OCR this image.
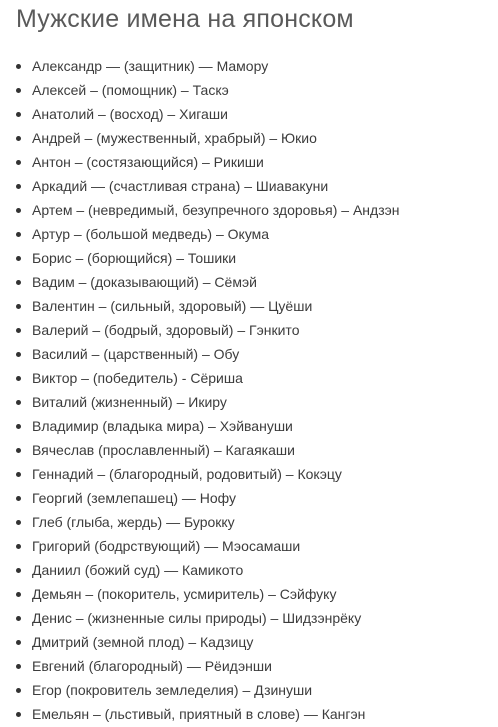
Мужские имена на японском
Александр — (защитник) — Мамору
Алексей – (помощник) – Таскэ
Анатолий – (восход) – Хигаши
Андрей – (мужественный, храбрый) – Юкио
Антон – (состязающийся) – Рикиши
Аркадий — (счастливая страна) – Шиавакуни
Артем – (невредимый, безупречного здоровья) – Андзэн
Артур – (большой медведь) – Окума
Борис – (борющийся) – Тошики
Вадим – (доказывающий) – Сёмэй
Валентин – (сильный, здоровый) — Цуёши
Валерий – (бодрый, здоровый) – Гэнкито
Василий – (царственный) – Обу
Виктор – (победитель) - Сёриша
Виталий (жизненный) – Икиру
Владимир (владыка мира) – Хэйвануши
Вячеслав (прославленный) – Кагаякаши
Геннадий – (благородный, родовитый) – Кокэцу
Георгий (землепашец) — Нофу
Глеб (глыба, жердь) — Бурокку
Григорий (бодрствующий) — Мэосамаши
Даниил (божий суд) — Камикото
Демьян – (покоритель, усмиритель) – Сэйфуку
Денис – (жизненные силы природы) – Шидзэнрёку
Дмитрий (земной плод) – Кадзицу
Евгений (благородный) — Рёидэнши
Егор (покровитель земледелия) – Дзинуши
Емельян – (льстивый, приятный в слове) — Кангэн
